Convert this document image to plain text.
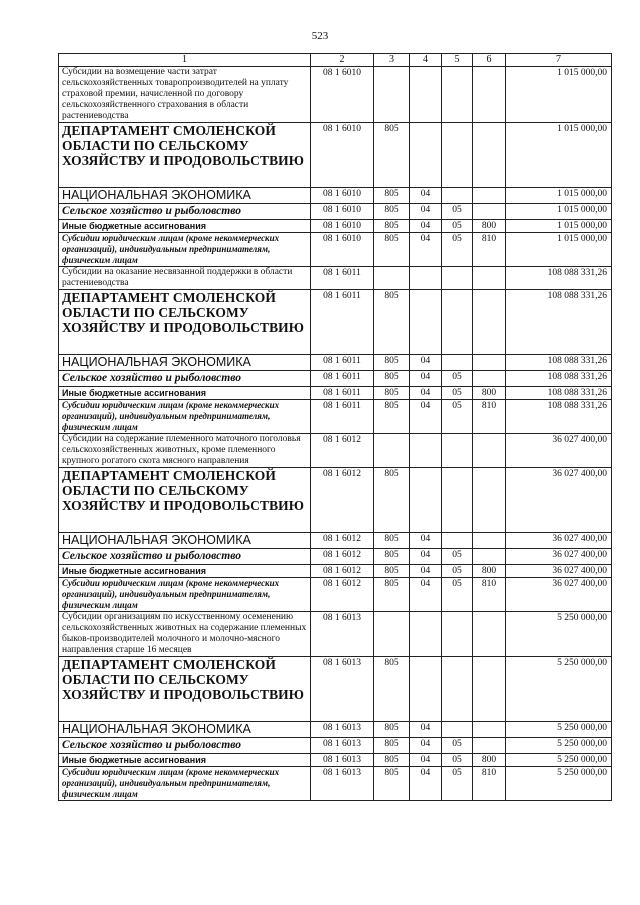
523
1	2	3	4	5	6	7
Субсидии на возмещение части затрат сельскохозяйственных товаропроизводителей на уплату страховой премии, начисленной по договору сельскохозяйственного страхования в области растениеводства	08 1 6010					1 015 000,00
ДЕПАРТАМЕНТ СМОЛЕНСКОЙ ОБЛАСТИ ПО СЕЛЬСКОМУ ХОЗЯЙСТВУ И ПРОДОВОЛЬСТВИЮ	08 1 6010	805				1 015 000,00
НАЦИОНАЛЬНАЯ ЭКОНОМИКА	08 1 6010	805	04			1 015 000,00
Сельское хозяйство и рыболовство	08 1 6010	805	04	05		1 015 000,00
Иные бюджетные ассигнования	08 1 6010	805	04	05	800	1 015 000,00
Субсидии юридическим лицам (кроме некоммерческих организаций), индивидуальным предпринимателям, физическим лицам	08 1 6010	805	04	05	810	1 015 000,00
Субсидии на оказание несвязанной поддержки в области растениеводства	08 1 6011					108 088 331,26
ДЕПАРТАМЕНТ СМОЛЕНСКОЙ ОБЛАСТИ ПО СЕЛЬСКОМУ ХОЗЯЙСТВУ И ПРОДОВОЛЬСТВИЮ	08 1 6011	805				108 088 331,26
НАЦИОНАЛЬНАЯ ЭКОНОМИКА	08 1 6011	805	04			108 088 331,26
Сельское хозяйство и рыболовство	08 1 6011	805	04	05		108 088 331,26
Иные бюджетные ассигнования	08 1 6011	805	04	05	800	108 088 331,26
Субсидии юридическим лицам (кроме некоммерческих организаций), индивидуальным предпринимателям, физическим лицам	08 1 6011	805	04	05	810	108 088 331,26
Субсидии на содержание племенного маточного поголовья сельскохозяйственных животных, кроме племенного крупного рогатого скота мясного направления	08 1 6012					36 027 400,00
ДЕПАРТАМЕНТ СМОЛЕНСКОЙ ОБЛАСТИ ПО СЕЛЬСКОМУ ХОЗЯЙСТВУ И ПРОДОВОЛЬСТВИЮ	08 1 6012	805				36 027 400,00
НАЦИОНАЛЬНАЯ ЭКОНОМИКА	08 1 6012	805	04			36 027 400,00
Сельское хозяйство и рыболовство	08 1 6012	805	04	05		36 027 400,00
Иные бюджетные ассигнования	08 1 6012	805	04	05	800	36 027 400,00
Субсидии юридическим лицам (кроме некоммерческих организаций), индивидуальным предпринимателям, физическим лицам	08 1 6012	805	04	05	810	36 027 400,00
Субсидии организациям по искусственному осеменению сельскохозяйственных животных на содержание племенных быков-производителей молочного и молочно-мясного направления старше 16 месяцев	08 1 6013					5 250 000,00
ДЕПАРТАМЕНТ СМОЛЕНСКОЙ ОБЛАСТИ ПО СЕЛЬСКОМУ ХОЗЯЙСТВУ И ПРОДОВОЛЬСТВИЮ	08 1 6013	805				5 250 000,00
НАЦИОНАЛЬНАЯ ЭКОНОМИКА	08 1 6013	805	04			5 250 000,00
Сельское хозяйство и рыболовство	08 1 6013	805	04	05		5 250 000,00
Иные бюджетные ассигнования	08 1 6013	805	04	05	800	5 250 000,00
Субсидии юридическим лицам (кроме некоммерческих организаций), индивидуальным предпринимателям, физическим лицам	08 1 6013	805	04	05	810	5 250 000,00
